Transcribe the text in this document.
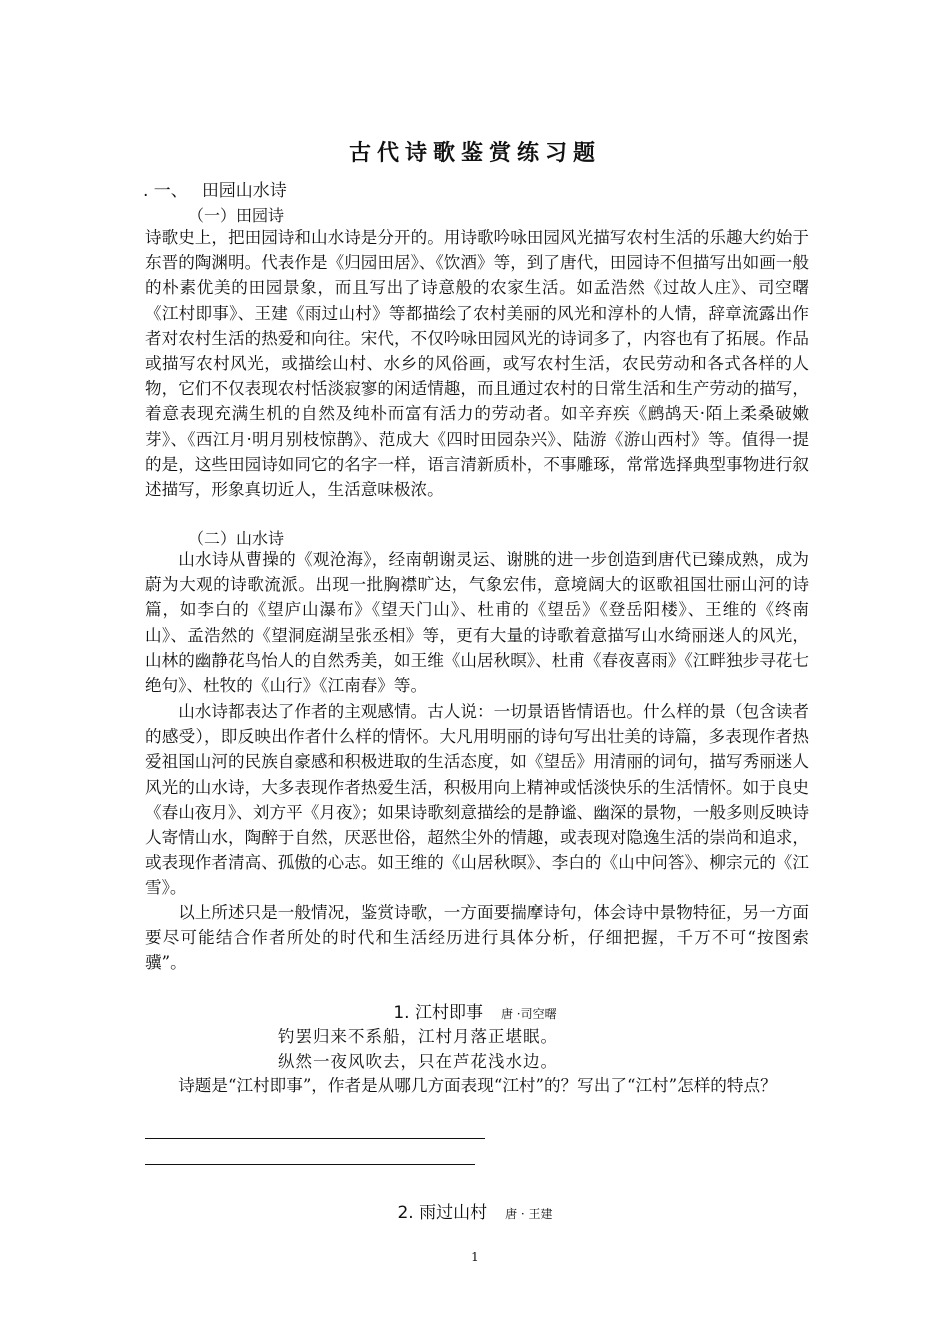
古代诗歌鉴赏练习题
. 一、 田园山水诗
（一）田园诗

诗歌史上，把田园诗和山水诗是分开的。用诗歌吟咏田园风光描写农村生活的乐趣大约始于东晋的陶渊明。代表作是《归园田居》、《饮酒》等，到了唐代，田园诗不但描写出如画一般的朴素优美的田园景象，而且写出了诗意般的农家生活。如孟浩然《过故人庄》、司空曙《江村即事》、王建《雨过山村》等都描绘了农村美丽的风光和淳朴的人情，辞章流露出作者对农村生活的热爱和向往。宋代，不仅吟咏田园风光的诗词多了，内容也有了拓展。作品或描写农村风光，或描绘山村、水乡的风俗画，或写农村生活，农民劳动和各式各样的人物，它们不仅表现农村恬淡寂寥的闲适情趣，而且通过农村的日常生活和生产劳动的描写，着意表现充满生机的自然及纯朴而富有活力的劳动者。如辛弃疾《鹧鸪天·陌上柔桑破嫩芽》、《西江月·明月别枝惊鹊》、范成大《四时田园杂兴》、陆游《游山西村》等。值得一提的是，这些田园诗如同它的名字一样，语言清新质朴，不事雕琢，常常选择典型事物进行叙述描写，形象真切近人，生活意味极浓。

（二）山水诗

山水诗从曹操的《观沧海》，经南朝谢灵运、谢朓的进一步创造到唐代已臻成熟，成为蔚为大观的诗歌流派。出现一批胸襟旷达，气象宏伟，意境阔大的讴歌祖国壮丽山河的诗篇，如李白的《望庐山瀑布》《望天门山》、杜甫的《望岳》《登岳阳楼》、王维的《终南山》、孟浩然的《望洞庭湖呈张丞相》等，更有大量的诗歌着意描写山水绮丽迷人的风光，山林的幽静花鸟怡人的自然秀美，如王维《山居秋暝》、杜甫《春夜喜雨》《江畔独步寻花七绝句》、杜牧的《山行》《江南春》等。

山水诗都表达了作者的主观感情。古人说：一切景语皆情语也。什么样的景（包含读者的感受），即反映出作者什么样的情怀。大凡用明丽的诗句写出壮美的诗篇，多表现作者热爱祖国山河的民族自豪感和积极进取的生活态度，如《望岳》用清丽的词句，描写秀丽迷人风光的山水诗，大多表现作者热爱生活，积极用向上精神或恬淡快乐的生活情怀。如于良史《春山夜月》、刘方平《月夜》；如果诗歌刻意描绘的是静谧、幽深的景物，一般多则反映诗人寄情山水，陶醉于自然，厌恶世俗，超然尘外的情趣，或表现对隐逸生活的崇尚和追求，或表现作者清高、孤傲的心志。如王维的《山居秋暝》、李白的《山中问答》、柳宗元的《江雪》。

以上所述只是一般情况，鉴赏诗歌，一方面要揣摩诗句，体会诗中景物特征，另一方面要尽可能结合作者所处的时代和生活经历进行具体分析，仔细把握，千万不可“按图索骥”。

1. 江村即事 唐 ·司空曙
钓罢归来不系船，江村月落正堪眠。
纵然一夜风吹去，只在芦花浅水边。

诗题是“江村即事”，作者是从哪几方面表现“江村”的？写出了“江村”怎样的特点？

2. 雨过山村 唐 · 王建
1
